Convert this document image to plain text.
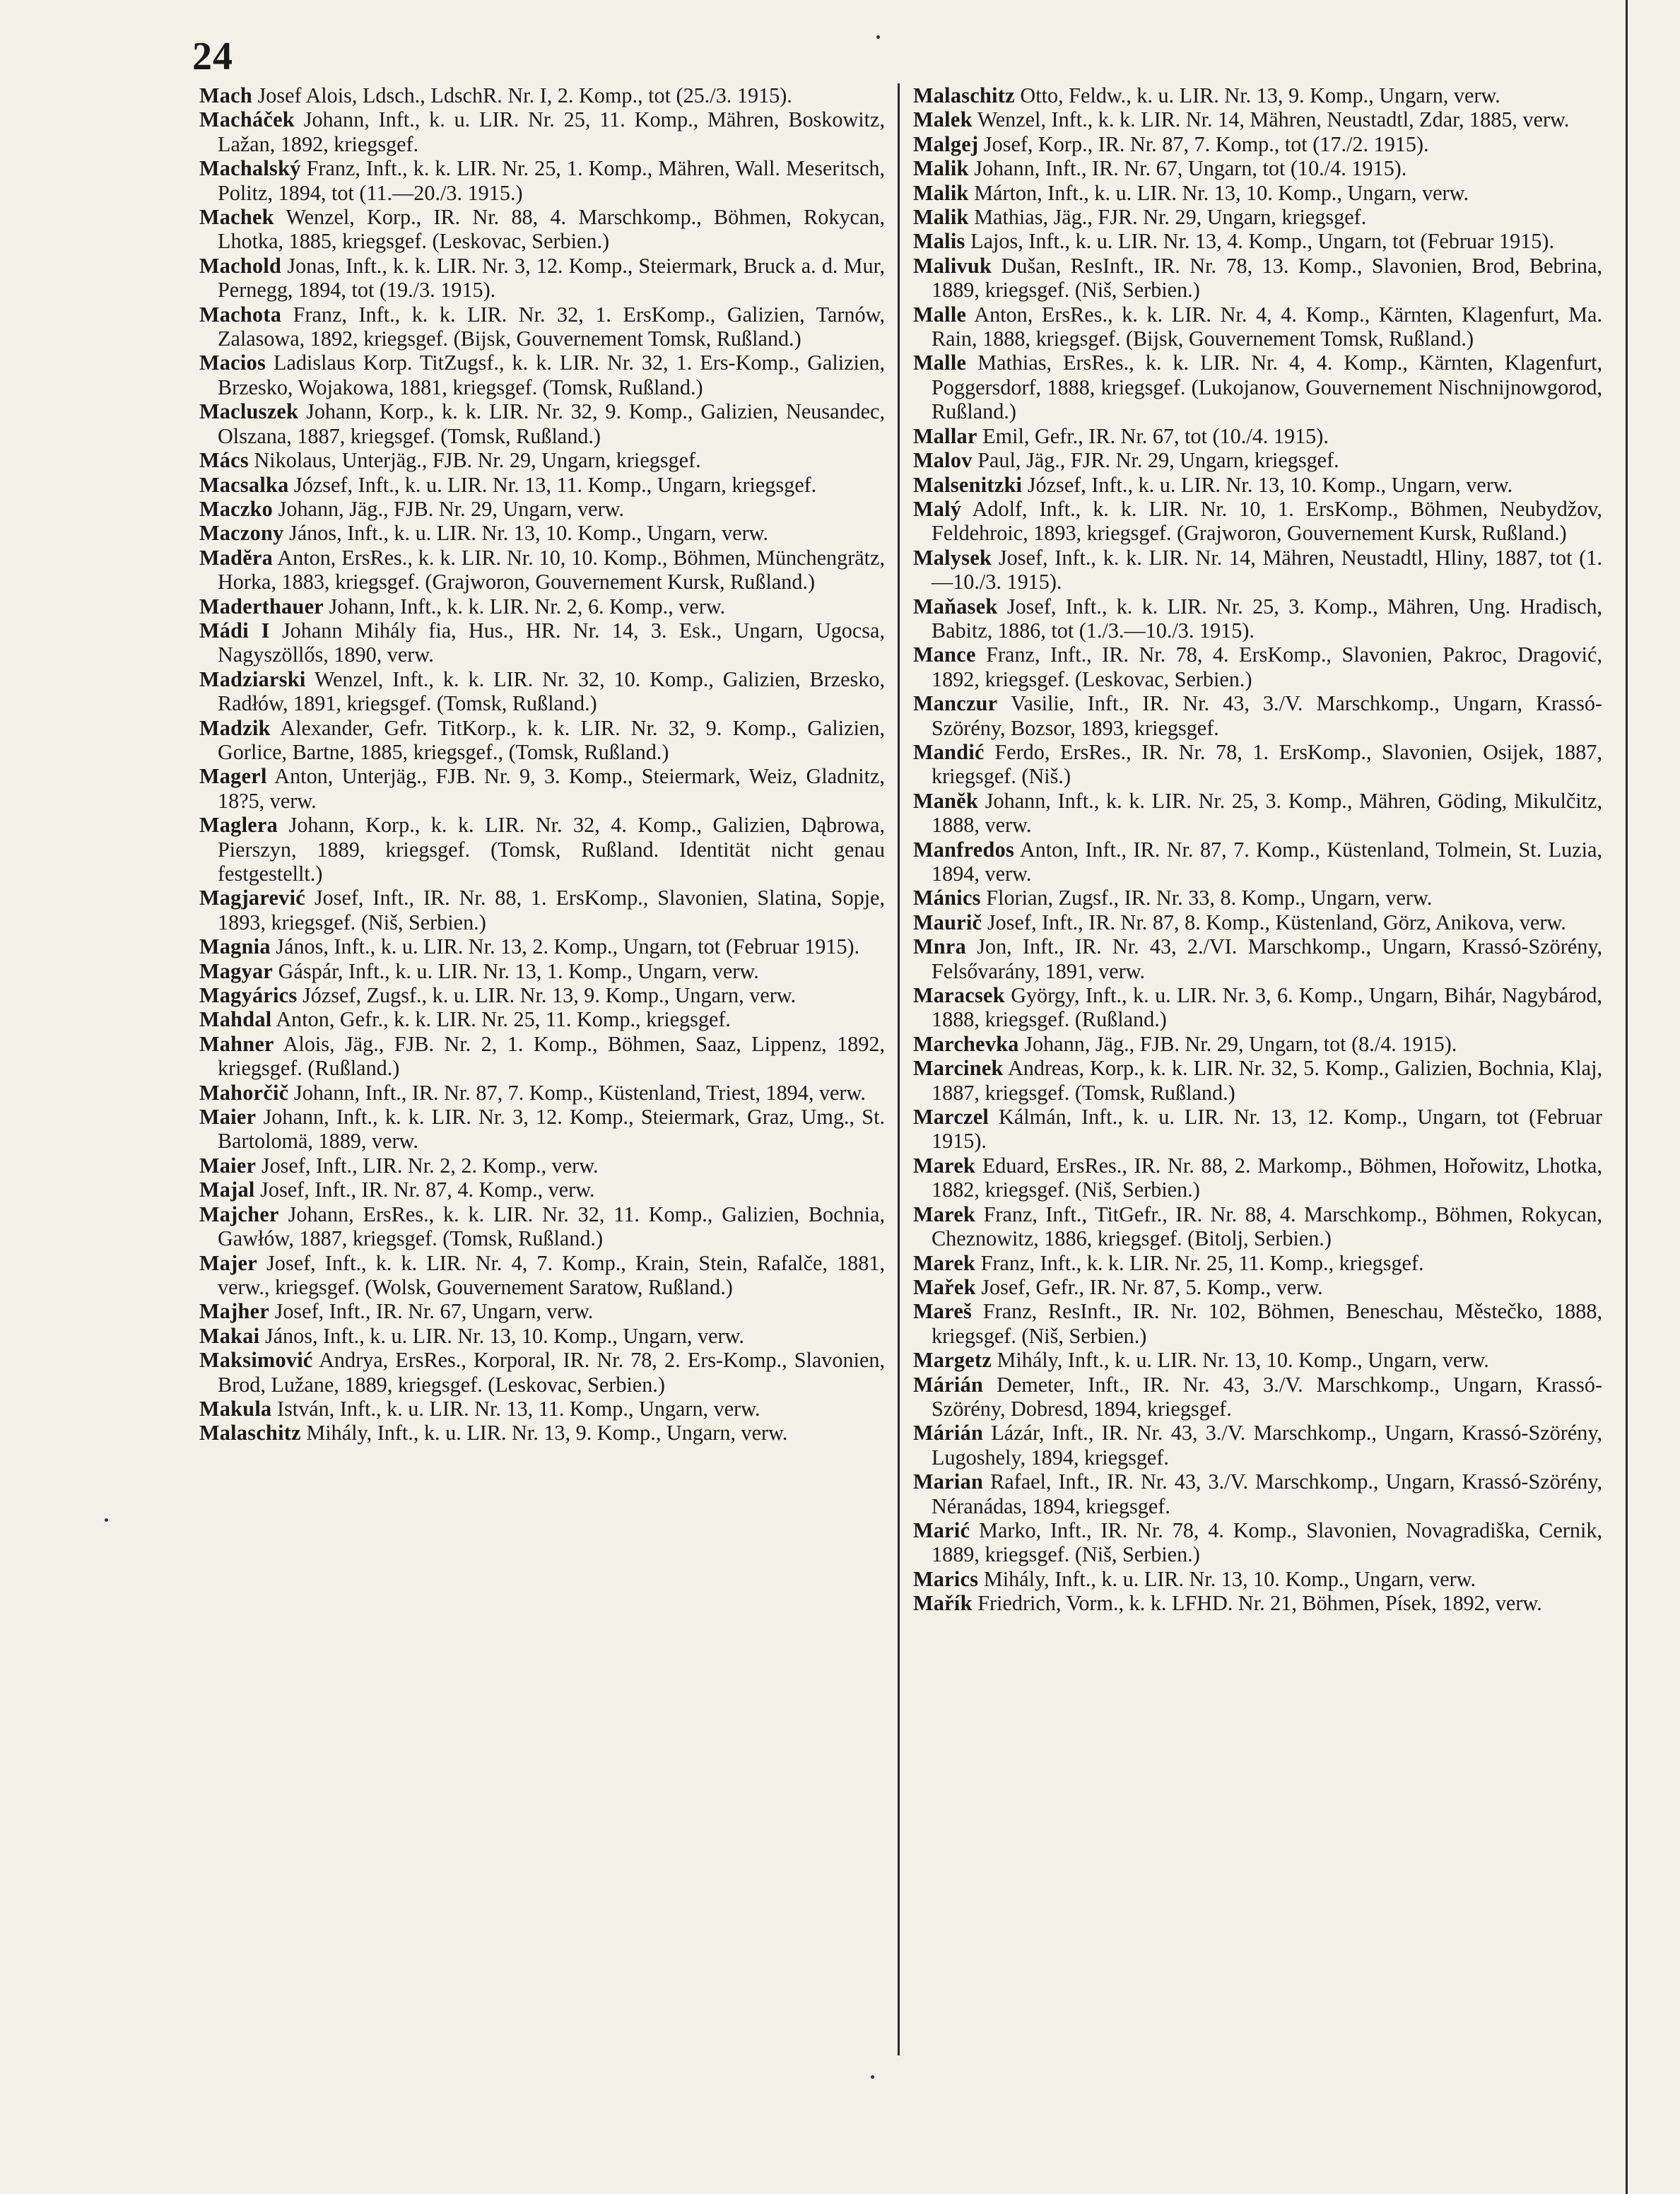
24

Mach Josef Alois, Ldsch., LdschR. Nr. I, 2. Komp., tot (25./3. 1915).

Macháček Johann, Inft., k. u. LIR. Nr. 25, 11. Komp., Mähren, Boskowitz, Lažan, 1892, kriegsgef.

Machalský Franz, Inft., k. k. LIR. Nr. 25, 1. Komp., Mähren, Wall. Meseritsch, Politz, 1894, tot (11.—20./3. 1915.)

Machek Wenzel, Korp., IR. Nr. 88, 4. Marschkomp., Böhmen, Rokycan, Lhotka, 1885, kriegsgef. (Leskovac, Serbien.)

Machold Jonas, Inft., k. k. LIR. Nr. 3, 12. Komp., Steiermark, Bruck a. d. Mur, Pernegg, 1894, tot (19./3. 1915).

Machota Franz, Inft., k. k. LIR. Nr. 32, 1. ErsKomp., Galizien, Tarnów, Zalasowa, 1892, kriegsgef. (Bijsk, Gouvernement Tomsk, Rußland.)

Macios Ladislaus Korp. TitZugsf., k. k. LIR. Nr. 32, 1. Ers-Komp., Galizien, Brzesko, Wojakowa, 1881, kriegsgef. (Tomsk, Rußland.)

Macluszek Johann, Korp., k. k. LIR. Nr. 32, 9. Komp., Galizien, Neusandec, Olszana, 1887, kriegsgef. (Tomsk, Rußland.)

Mács Nikolaus, Unterjäg., FJB. Nr. 29, Ungarn, kriegsgef.

Macsalka József, Inft., k. u. LIR. Nr. 13, 11. Komp., Ungarn, kriegsgef.

Maczko Johann, Jäg., FJB. Nr. 29, Ungarn, verw.

Maczony János, Inft., k. u. LIR. Nr. 13, 10. Komp., Ungarn, verw.

Madĕra Anton, ErsRes., k. k. LIR. Nr. 10, 10. Komp., Böhmen, Münchengrätz, Horka, 1883, kriegsgef. (Grajworon, Gouvernement Kursk, Rußland.)

Maderthauer Johann, Inft., k. k. LIR. Nr. 2, 6. Komp., verw.

Mádi I Johann Mihály fia, Hus., HR. Nr. 14, 3. Esk., Ungarn, Ugocsa, Nagyszöllős, 1890, verw.

Madziarski Wenzel, Inft., k. k. LIR. Nr. 32, 10. Komp., Galizien, Brzesko, Radłów, 1891, kriegsgef. (Tomsk, Rußland.)

Madzik Alexander, Gefr. TitKorp., k. k. LIR. Nr. 32, 9. Komp., Galizien, Gorlice, Bartne, 1885, kriegsgef., (Tomsk, Rußland.)

Magerl Anton, Unterjäg., FJB. Nr. 9, 3. Komp., Steiermark, Weiz, Gladnitz, 18?5, verw.

Maglera Johann, Korp., k. k. LIR. Nr. 32, 4. Komp., Galizien, Dąbrowa, Pierszyn, 1889, kriegsgef. (Tomsk, Rußland. Identität nicht genau festgestellt.)

Magjarević Josef, Inft., IR. Nr. 88, 1. ErsKomp., Slavonien, Slatina, Sopje, 1893, kriegsgef. (Niš, Serbien.)

Magnia János, Inft., k. u. LIR. Nr. 13, 2. Komp., Ungarn, tot (Februar 1915).

Magyar Gáspár, Inft., k. u. LIR. Nr. 13, 1. Komp., Ungarn, verw.

Magyárics József, Zugsf., k. u. LIR. Nr. 13, 9. Komp., Ungarn, verw.

Mahdal Anton, Gefr., k. k. LIR. Nr. 25, 11. Komp., kriegsgef.

Mahner Alois, Jäg., FJB. Nr. 2, 1. Komp., Böhmen, Saaz, Lippenz, 1892, kriegsgef. (Rußland.)

Mahorčič Johann, Inft., IR. Nr. 87, 7. Komp., Küstenland, Triest, 1894, verw.

Maier Johann, Inft., k. k. LIR. Nr. 3, 12. Komp., Steiermark, Graz, Umg., St. Bartolomä, 1889, verw.

Maier Josef, Inft., LIR. Nr. 2, 2. Komp., verw.

Majal Josef, Inft., IR. Nr. 87, 4. Komp., verw.

Majcher Johann, ErsRes., k. k. LIR. Nr. 32, 11. Komp., Galizien, Bochnia, Gawłów, 1887, kriegsgef. (Tomsk, Rußland.)

Majer Josef, Inft., k. k. LIR. Nr. 4, 7. Komp., Krain, Stein, Rafalče, 1881, verw., kriegsgef. (Wolsk, Gouvernement Saratow, Rußland.)

Majher Josef, Inft., IR. Nr. 67, Ungarn, verw.

Makai János, Inft., k. u. LIR. Nr. 13, 10. Komp., Ungarn, verw.

Maksimović Andrya, ErsRes., Korporal, IR. Nr. 78, 2. Ers-Komp., Slavonien, Brod, Lužane, 1889, kriegsgef. (Leskovac, Serbien.)

Makula István, Inft., k. u. LIR. Nr. 13, 11. Komp., Ungarn, verw.

Malaschitz Mihály, Inft., k. u. LIR. Nr. 13, 9. Komp., Ungarn, verw.

Malaschitz Otto, Feldw., k. u. LIR. Nr. 13, 9. Komp., Ungarn, verw.

Malek Wenzel, Inft., k. k. LIR. Nr. 14, Mähren, Neustadtl, Zdar, 1885, verw.

Malgej Josef, Korp., IR. Nr. 87, 7. Komp., tot (17./2. 1915).

Malik Johann, Inft., IR. Nr. 67, Ungarn, tot (10./4. 1915).

Malik Márton, Inft., k. u. LIR. Nr. 13, 10. Komp., Ungarn, verw.

Malik Mathias, Jäg., FJR. Nr. 29, Ungarn, kriegsgef.

Malis Lajos, Inft., k. u. LIR. Nr. 13, 4. Komp., Ungarn, tot (Februar 1915).

Malivuk Dušan, ResInft., IR. Nr. 78, 13. Komp., Slavonien, Brod, Bebrina, 1889, kriegsgef. (Niš, Serbien.)

Malle Anton, ErsRes., k. k. LIR. Nr. 4, 4. Komp., Kärnten, Klagenfurt, Ma. Rain, 1888, kriegsgef. (Bijsk, Gouvernement Tomsk, Rußland.)

Malle Mathias, ErsRes., k. k. LIR. Nr. 4, 4. Komp., Kärnten, Klagenfurt, Poggersdorf, 1888, kriegsgef. (Lukojanow, Gouvernement Nischnijnowgorod, Rußland.)

Mallar Emil, Gefr., IR. Nr. 67, tot (10./4. 1915).

Malov Paul, Jäg., FJR. Nr. 29, Ungarn, kriegsgef.

Malsenitzki József, Inft., k. u. LIR. Nr. 13, 10. Komp., Ungarn, verw.

Malý Adolf, Inft., k. k. LIR. Nr. 10, 1. ErsKomp., Böhmen, Neubydžov, Feldehroic, 1893, kriegsgef. (Grajworon, Gouvernement Kursk, Rußland.)

Malysek Josef, Inft., k. k. LIR. Nr. 14, Mähren, Neustadtl, Hliny, 1887, tot (1.—10./3. 1915).

Maňasek Josef, Inft., k. k. LIR. Nr. 25, 3. Komp., Mähren, Ung. Hradisch, Babitz, 1886, tot (1./3.—10./3. 1915).

Mance Franz, Inft., IR. Nr. 78, 4. ErsKomp., Slavonien, Pakroc, Dragović, 1892, kriegsgef. (Leskovac, Serbien.)

Manczur Vasilie, Inft., IR. Nr. 43, 3./V. Marschkomp., Ungarn, Krassó-Szörény, Bozsor, 1893, kriegsgef.

Mandić Ferdo, ErsRes., IR. Nr. 78, 1. ErsKomp., Slavonien, Osijek, 1887, kriegsgef. (Niš.)

Manĕk Johann, Inft., k. k. LIR. Nr. 25, 3. Komp., Mähren, Göding, Mikulčitz, 1888, verw.

Manfredos Anton, Inft., IR. Nr. 87, 7. Komp., Küstenland, Tolmein, St. Luzia, 1894, verw.

Mánics Florian, Zugsf., IR. Nr. 33, 8. Komp., Ungarn, verw.

Maurič Josef, Inft., IR. Nr. 87, 8. Komp., Küstenland, Görz, Anikova, verw.

Mnra Jon, Inft., IR. Nr. 43, 2./VI. Marschkomp., Ungarn, Krassó-Szörény, Felsővarány, 1891, verw.

Maracsek György, Inft., k. u. LIR. Nr. 3, 6. Komp., Ungarn, Bihár, Nagybárod, 1888, kriegsgef. (Rußland.)

Marchevka Johann, Jäg., FJB. Nr. 29, Ungarn, tot (8./4. 1915).

Marcinek Andreas, Korp., k. k. LIR. Nr. 32, 5. Komp., Galizien, Bochnia, Klaj, 1887, kriegsgef. (Tomsk, Rußland.)

Marczel Kálmán, Inft., k. u. LIR. Nr. 13, 12. Komp., Ungarn, tot (Februar 1915).

Marek Eduard, ErsRes., IR. Nr. 88, 2. Markomp., Böhmen, Hořowitz, Lhotka, 1882, kriegsgef. (Niš, Serbien.)

Marek Franz, Inft., TitGefr., IR. Nr. 88, 4. Marschkomp., Böhmen, Rokycan, Cheznowitz, 1886, kriegsgef. (Bitolj, Serbien.)

Marek Franz, Inft., k. k. LIR. Nr. 25, 11. Komp., kriegsgef.

Mařek Josef, Gefr., IR. Nr. 87, 5. Komp., verw.

Mareš Franz, ResInft., IR. Nr. 102, Böhmen, Beneschau, Městečko, 1888, kriegsgef. (Niš, Serbien.)

Margetz Mihály, Inft., k. u. LIR. Nr. 13, 10. Komp., Ungarn, verw.

Márián Demeter, Inft., IR. Nr. 43, 3./V. Marschkomp., Ungarn, Krassó-Szörény, Dobresd, 1894, kriegsgef.

Márián Lázár, Inft., IR. Nr. 43, 3./V. Marschkomp., Ungarn, Krassó-Szörény, Lugoshely, 1894, kriegsgef.

Marian Rafael, Inft., IR. Nr. 43, 3./V. Marschkomp., Ungarn, Krassó-Szörény, Néranádas, 1894, kriegsgef.

Marić Marko, Inft., IR. Nr. 78, 4. Komp., Slavonien, Novagradiška, Cernik, 1889, kriegsgef. (Niš, Serbien.)

Marics Mihály, Inft., k. u. LIR. Nr. 13, 10. Komp., Ungarn, verw.

Mařík Friedrich, Vorm., k. k. LFHD. Nr. 21, Böhmen, Písek, 1892, verw.
